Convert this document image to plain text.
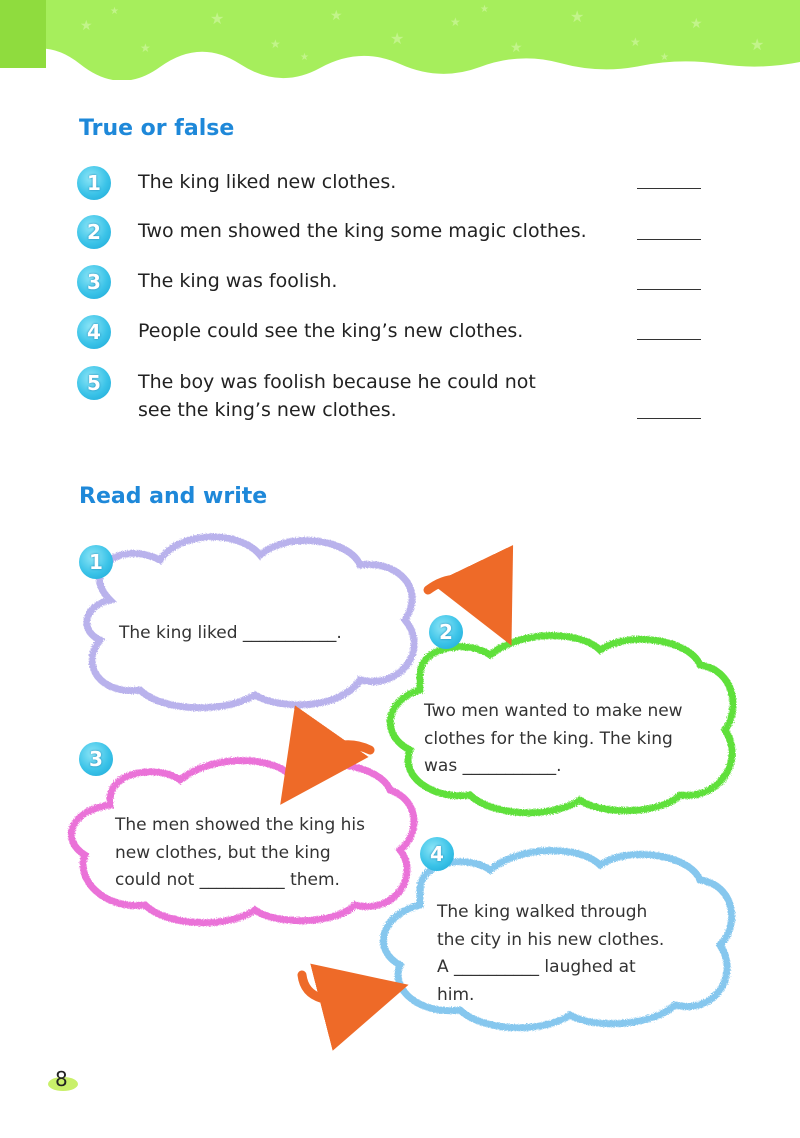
★
★
★
★
★
★
★
★
★
★
★
★
★
★
★
★
True or false
1	The king liked new clothes.
2	Two men showed the king some magic clothes.
3	The king was foolish.
4	People could see the king’s new clothes.
5	The boy was foolish because he could not
see the king’s new clothes.
Read and write
1
2
3
4
The king liked ___________.
Two men wanted to make new
clothes for the king. The king
was ___________.
The men showed the king his
new clothes, but the king
could not __________ them.
The king walked through
the city in his new clothes.
A __________ laughed at
him.
8
